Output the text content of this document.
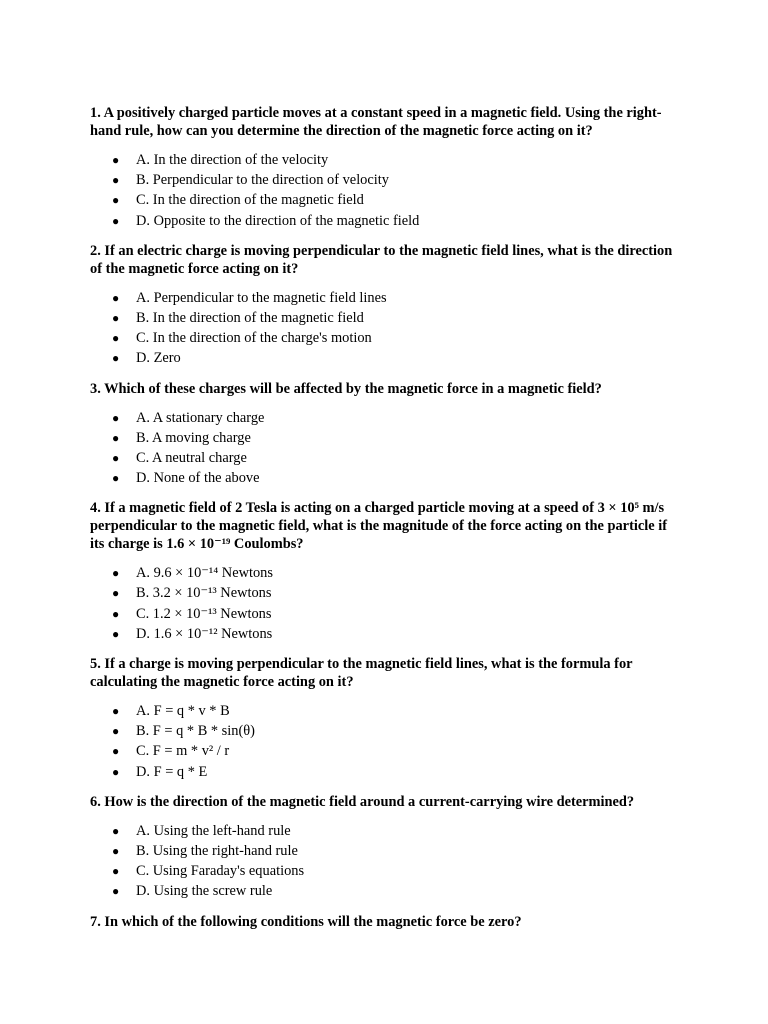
1. A positively charged particle moves at a constant speed in a magnetic field. Using the right-hand rule, how can you determine the direction of the magnetic force acting on it?

● A. In the direction of the velocity
● B. Perpendicular to the direction of velocity
● C. In the direction of the magnetic field
● D. Opposite to the direction of the magnetic field

2. If an electric charge is moving perpendicular to the magnetic field lines, what is the direction of the magnetic force acting on it?

● A. Perpendicular to the magnetic field lines
● B. In the direction of the magnetic field
● C. In the direction of the charge's motion
● D. Zero

3. Which of these charges will be affected by the magnetic force in a magnetic field?

● A. A stationary charge
● B. A moving charge
● C. A neutral charge
● D. None of the above

4. If a magnetic field of 2 Tesla is acting on a charged particle moving at a speed of 3 × 10⁵ m/s perpendicular to the magnetic field, what is the magnitude of the force acting on the particle if its charge is 1.6 × 10⁻¹⁹ Coulombs?

● A. 9.6 × 10⁻¹⁴ Newtons
● B. 3.2 × 10⁻¹³ Newtons
● C. 1.2 × 10⁻¹³ Newtons
● D. 1.6 × 10⁻¹² Newtons

5. If a charge is moving perpendicular to the magnetic field lines, what is the formula for calculating the magnetic force acting on it?

● A. F = q * v * B
● B. F = q * B * sin(θ)
● C. F = m * v² / r
● D. F = q * E

6. How is the direction of the magnetic field around a current-carrying wire determined?

● A. Using the left-hand rule
● B. Using the right-hand rule
● C. Using Faraday's equations
● D. Using the screw rule

7. In which of the following conditions will the magnetic force be zero?
